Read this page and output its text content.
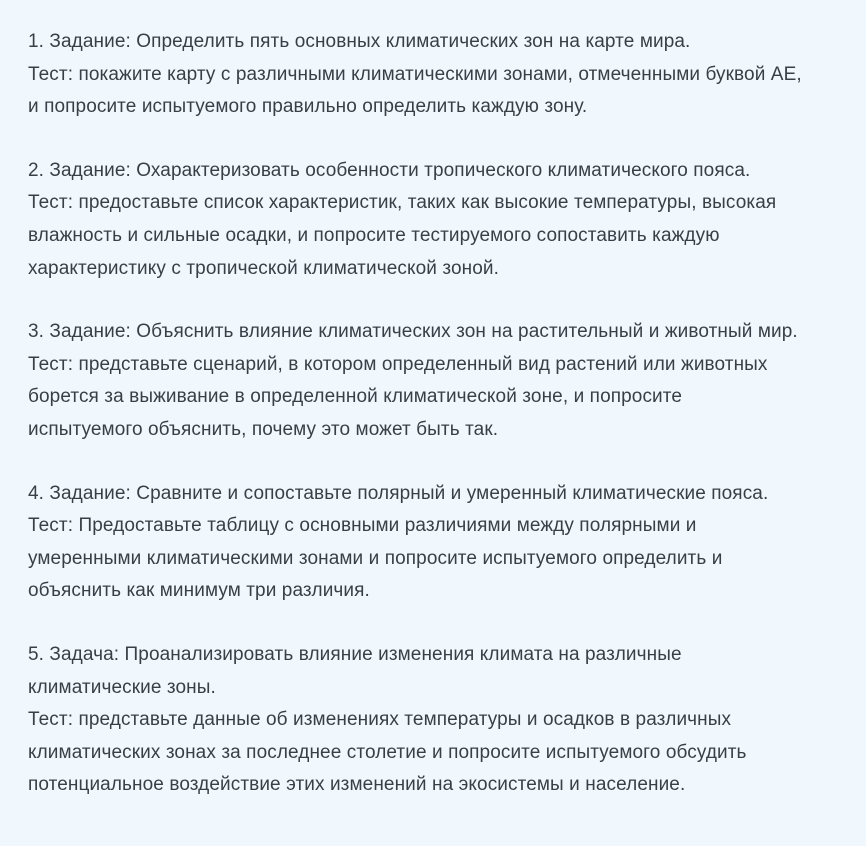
1. Задание: Определить пять основных климатических зон на карте мира.
Тест: покажите карту с различными климатическими зонами, отмеченными буквой AE,
и попросите испытуемого правильно определить каждую зону.
2. Задание: Охарактеризовать особенности тропического климатического пояса.
Тест: предоставьте список характеристик, таких как высокие температуры, высокая
влажность и сильные осадки, и попросите тестируемого сопоставить каждую
характеристику с тропической климатической зоной.
3. Задание: Объяснить влияние климатических зон на растительный и животный мир.
Тест: представьте сценарий, в котором определенный вид растений или животных
борется за выживание в определенной климатической зоне, и попросите
испытуемого объяснить, почему это может быть так.
4. Задание: Сравните и сопоставьте полярный и умеренный климатические пояса.
Тест: Предоставьте таблицу с основными различиями между полярными и
умеренными климатическими зонами и попросите испытуемого определить и
объяснить как минимум три различия.
5. Задача: Проанализировать влияние изменения климата на различные
климатические зоны.
Тест: представьте данные об изменениях температуры и осадков в различных
климатических зонах за последнее столетие и попросите испытуемого обсудить
потенциальное воздействие этих изменений на экосистемы и население.
